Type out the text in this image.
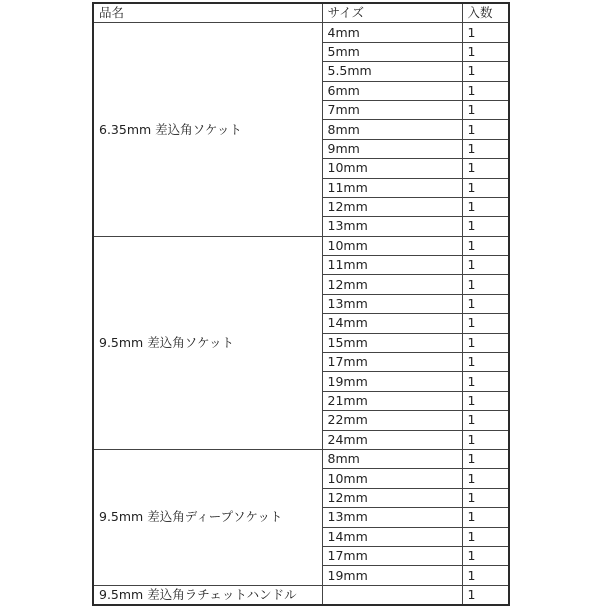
品名	サイズ	入数
6.35mm 差込角ソケット	4mm	1
	5mm	1
	5.5mm	1
	6mm	1
	7mm	1
	8mm	1
	9mm	1
	10mm	1
	11mm	1
	12mm	1
	13mm	1
9.5mm 差込角ソケット	10mm	1
	11mm	1
	12mm	1
	13mm	1
	14mm	1
	15mm	1
	17mm	1
	19mm	1
	21mm	1
	22mm	1
	24mm	1
9.5mm 差込角ディープソケット	8mm	1
	10mm	1
	12mm	1
	13mm	1
	14mm	1
	17mm	1
	19mm	1
9.5mm 差込角ラチェットハンドル		1
